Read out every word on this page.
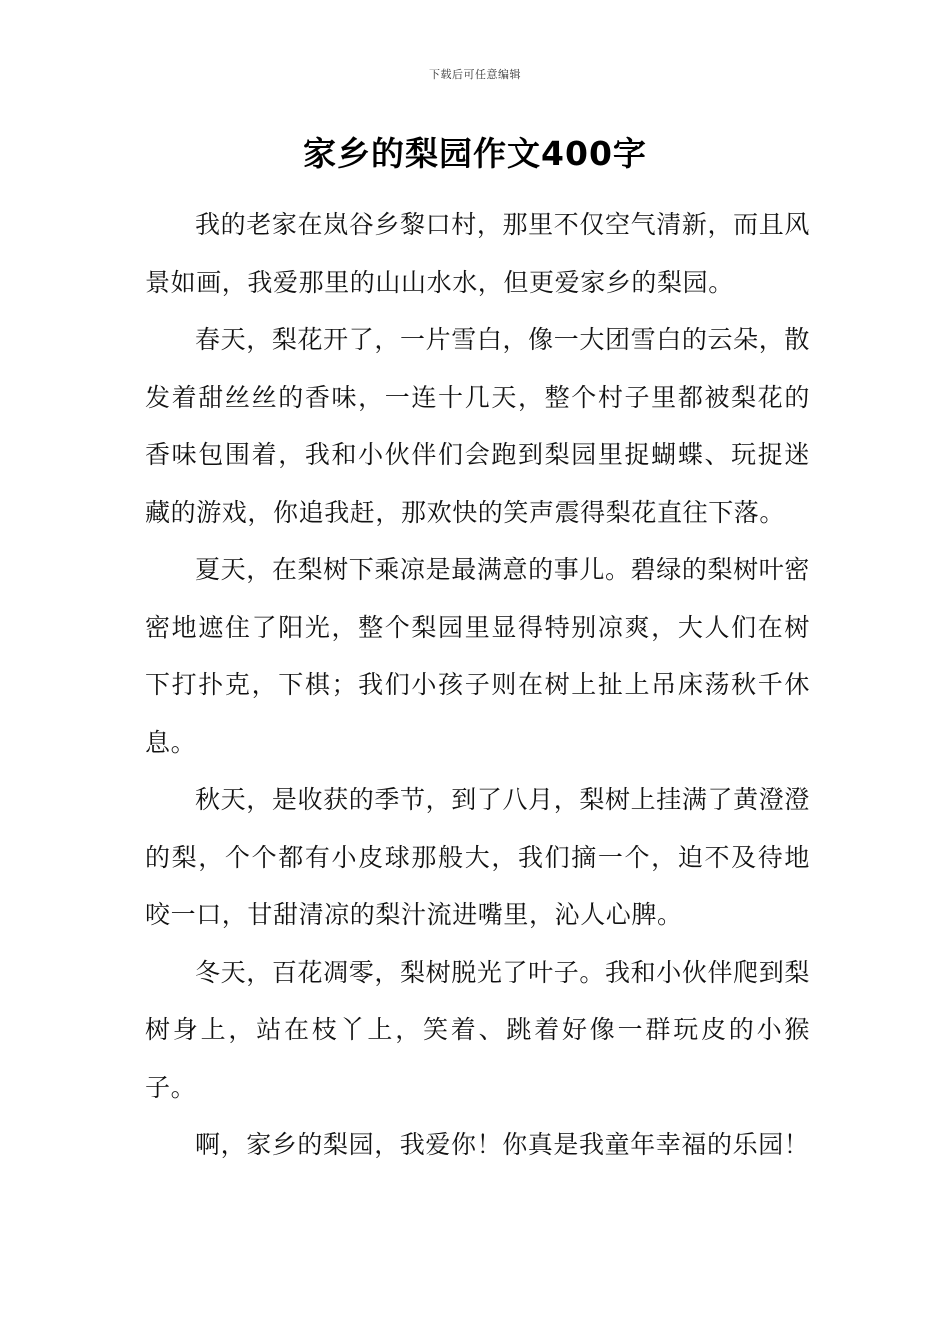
下载后可任意编辑
家乡的梨园作文400字

我的老家在岚谷乡黎口村，那里不仅空气清新，而且风景如画，我爱那里的山山水水，但更爱家乡的梨园。

春天，梨花开了，一片雪白，像一大团雪白的云朵，散发着甜丝丝的香味，一连十几天，整个村子里都被梨花的香味包围着，我和小伙伴们会跑到梨园里捉蝴蝶、玩捉迷藏的游戏，你追我赶，那欢快的笑声震得梨花直往下落。

夏天，在梨树下乘凉是最满意的事儿。碧绿的梨树叶密密地遮住了阳光，整个梨园里显得特别凉爽，大人们在树下打扑克，下棋；我们小孩子则在树上扯上吊床荡秋千休息。

秋天，是收获的季节，到了八月，梨树上挂满了黄澄澄的梨，个个都有小皮球那般大，我们摘一个，迫不及待地咬一口，甘甜清凉的梨汁流进嘴里，沁人心脾。

冬天，百花凋零，梨树脱光了叶子。我和小伙伴爬到梨树身上，站在枝丫上，笑着、跳着好像一群玩皮的小猴子。

啊，家乡的梨园，我爱你！你真是我童年幸福的乐园！
